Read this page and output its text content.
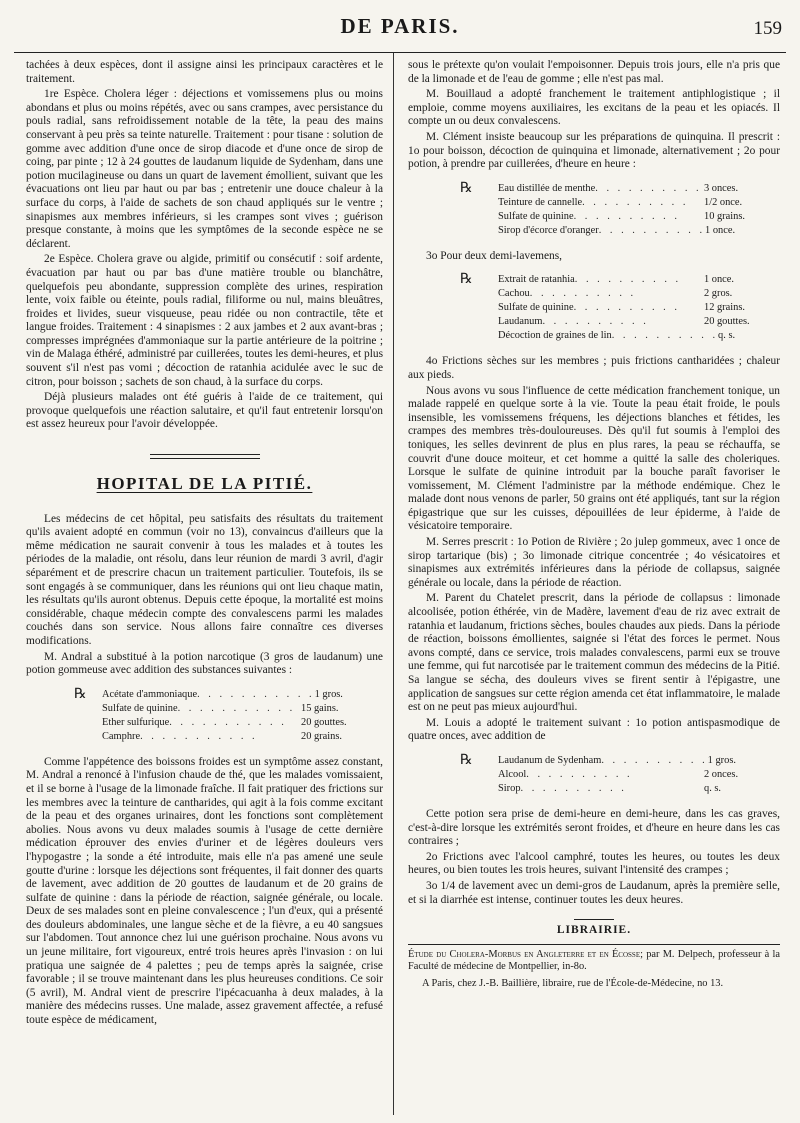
DE PARIS.	159

tachées à deux espèces, dont il assigne ainsi les principaux caractères et le traitement.

1re Espèce. Cholera léger : déjections et vomissemens plus ou moins abondans et plus ou moins répétés, avec ou sans crampes, avec persistance du pouls radial, sans refroidissement notable de la tête, la peau des mains conservant à peu près sa teinte naturelle. Traitement : pour tisane : solution de gomme avec addition d'une once de sirop diacode et d'une once de sirop de coing, par pinte ; 12 à 24 gouttes de laudanum liquide de Sydenham, dans une potion mucilagineuse ou dans un quart de lavement émollient, suivant que les évacuations ont lieu par haut ou par bas ; entretenir une douce chaleur à la surface du corps, à l'aide de sachets de son chaud appliqués sur le ventre ; sinapismes aux membres inférieurs, si les crampes sont vives ; guérison presque constante, à moins que les symptômes de la seconde espèce ne se déclarent.

2e Espèce. Cholera grave ou algide, primitif ou consécutif : soif ardente, évacuation par haut ou par bas d'une matière trouble ou blanchâtre, quelquefois peu abondante, suppression complète des urines, respiration lente, voix faible ou éteinte, pouls radial, filiforme ou nul, mains bleuâtres, froides et livides, sueur visqueuse, peau ridée ou non contractile, tête et langue froides. Traitement : 4 sinapismes : 2 aux jambes et 2 aux avant-bras ; compresses imprégnées d'ammoniaque sur la partie antérieure de la poitrine ; vin de Malaga éthéré, administré par cuillerées, toutes les demi-heures, et plus souvent s'il n'est pas vomi ; décoction de ratanhia acidulée avec le suc de citron, pour boisson ; sachets de son chaud, à la surface du corps.

Déjà plusieurs malades ont été guéris à l'aide de ce traitement, qui provoque quelquefois une réaction salutaire, et qu'il faut entretenir lorsqu'on est assez heureux pour l'avoir développée.

HOPITAL DE LA PITIÉ.

Les médecins de cet hôpital, peu satisfaits des résultats du traitement qu'ils avaient adopté en commun (voir no 13), convaincus d'ailleurs que la même médication ne saurait convenir à tous les malades et à toutes les périodes de la maladie, ont résolu, dans leur réunion de mardi 3 avril, d'agir séparément et de prescrire chacun un traitement particulier. Toutefois, ils se sont engagés à se communiquer, dans les réunions qui ont lieu chaque matin, les résultats qu'ils auront obtenus. Depuis cette époque, la mortalité est moins considérable, chaque médecin compte des convalescens parmi les malades couchés dans son service. Nous allons faire connaître ces diverses modifications.

M. Andral a substitué à la potion narcotique (3 gros de laudanum) une potion gommeuse avec addition des substances suivantes :

℞ Acétate d'ammoniaque . . . . . . . . . . . 1 gros.
Sulfate de quinine . . . . . . . . . . . 15 gains.
Ether sulfurique . . . . . . . . . . .	20 gouttes.
Camphre . . . . . . . . . . .	20 grains.

Comme l'appétence des boissons froides est un symptôme assez constant, M. Andral a renoncé à l'infusion chaude de thé, que les malades vomissaient, et il se borne à l'usage de la limonade fraîche. Il fait pratiquer des frictions sur les membres avec la teinture de cantharides, qui agit à la fois comme excitant de la peau et des organes urinaires, dont les fonctions sont complètement abolies. Nous avons vu deux malades soumis à l'usage de cette dernière médication éprouver des envies d'uriner et de légères douleurs vers l'hypogastre ; la sonde a été introduite, mais elle n'a pas amené une seule goutte d'urine : lorsque les déjections sont fréquentes, il fait donner des quarts de lavement, avec addition de 20 gouttes de laudanum et de 20 grains de sulfate de quinine : dans la période de réaction, saignée générale, ou locale. Deux de ses malades sont en pleine convalescence ; l'un d'eux, qui a présenté des douleurs abdominales, une langue sèche et de la fièvre, a eu 40 sangsues sur l'abdomen. Tout annonce chez lui une guérison prochaine. Nous avons vu un jeune militaire, fort vigoureux, entré trois heures après l'invasion : on lui pratiqua une saignée de 4 palettes ; peu de temps après la saignée, crise favorable ; il se trouve maintenant dans les plus heureuses conditions. Ce soir (5 avril), M. Andral vient de prescrire l'ipécacuanha à deux malades, à la manière des médecins russes. Une malade, assez gravement affectée, a refusé toute espèce de médicament,

sous le prétexte qu'on voulait l'empoisonner. Depuis trois jours, elle n'a pris que de la limonade et de l'eau de gomme ; elle n'est pas mal.

M. Bouillaud a adopté franchement le traitement antiphlogistique ; il emploie, comme moyens auxiliaires, les excitans de la peau et les opiacés. Il compte un ou deux convalescens.

M. Clément insiste beaucoup sur les préparations de quinquina. Il prescrit : 1o pour boisson, décoction de quinquina et limonade, alternativement ; 2o pour potion, à prendre par cuillerées, d'heure en heure :

℞ Eau distillée de menthe . . . . . . . . . . 3 onces.
Teinture de cannelle . . . . . . . . . .	1/2 once.
Sulfate de quinine . . . . . . . . . .	10 grains.
Sirop d'écorce d'oranger . . . . . . . . . . 1 once.

3o Pour deux demi-lavemens,

℞ Extrait de ratanhia . . . . . . . . . .	1 once.
Cachou . . . . . . . . . .	2 gros.
Sulfate de quinine . . . . . . . . . .	12 grains.
Laudanum . . . . . . . . . .	20 gouttes.
Décoction de graines de lin . . . . . . . . . . q. s.

4o Frictions sèches sur les membres ; puis frictions cantharidées ; chaleur aux pieds.

Nous avons vu sous l'influence de cette médication franchement tonique, un malade rappelé en quelque sorte à la vie. Toute la peau était froide, le pouls insensible, les vomissemens fréquens, les déjections blanches et fétides, les crampes des membres très-douloureuses. Dès qu'il fut soumis à l'emploi des toniques, les selles devinrent de plus en plus rares, la peau se réchauffa, se couvrit d'une douce moiteur, et cet homme a quitté la salle des choleriques. Lorsque le sulfate de quinine introduit par la bouche paraît favoriser le vomissement, M. Clément l'administre par la méthode endémique. Chez le malade dont nous venons de parler, 50 grains ont été appliqués, tant sur la région épigastrique que sur les cuisses, dépouillées de leur épiderme, à l'aide de vésicatoire temporaire.

M. Serres prescrit : 1o Potion de Rivière ; 2o julep gommeux, avec 1 once de sirop tartarique (bis) ; 3o limonade citrique concentrée ; 4o vésicatoires et sinapismes aux extrémités inférieures dans la période de collapsus, saignée générale ou locale, dans la période de réaction.

M. Parent du Chatelet prescrit, dans la période de collapsus : limonade alcoolisée, potion éthérée, vin de Madère, lavement d'eau de riz avec extrait de ratanhia et laudanum, frictions sèches, boules chaudes aux pieds. Dans la période de réaction, boissons émollientes, saignée si l'état des forces le permet. Nous avons compté, dans ce service, trois malades convalescens, parmi eux se trouve une femme, qui fut narcotisée par le traitement commun des médecins de la Pitié. Sa langue se sécha, des douleurs vives se firent sentir à l'épigastre, une application de sangsues sur cette région amenda cet état inflammatoire, le malade est on ne peut pas mieux aujourd'hui.

M. Louis a adopté le traitement suivant : 1o potion antispasmodique de quatre onces, avec addition de

℞ Laudanum de Sydenham . . . . . . . . . . 1 gros.
Alcool . . . . . . . . . .	2 onces.
Sirop . . . . . . . . . .	q. s.

Cette potion sera prise de demi-heure en demi-heure, dans les cas graves, c'est-à-dire lorsque les extrémités seront froides, et d'heure en heure dans les cas contraires ;

2o Frictions avec l'alcool camphré, toutes les heures, ou toutes les deux heures, ou bien toutes les trois heures, suivant l'intensité des crampes ;

3o 1/4 de lavement avec un demi-gros de Laudanum, après la première selle, et si la diarrhée est intense, continuer toutes les deux heures.

LIBRAIRIE.
Étude du Cholera-Morbus en Angleterre et en Écosse; par M. Delpech, professeur à la Faculté de médecine de Montpellier, in-8o.
A Paris, chez J.-B. Baillière, libraire, rue de l'École-de-Médecine, no 13.
